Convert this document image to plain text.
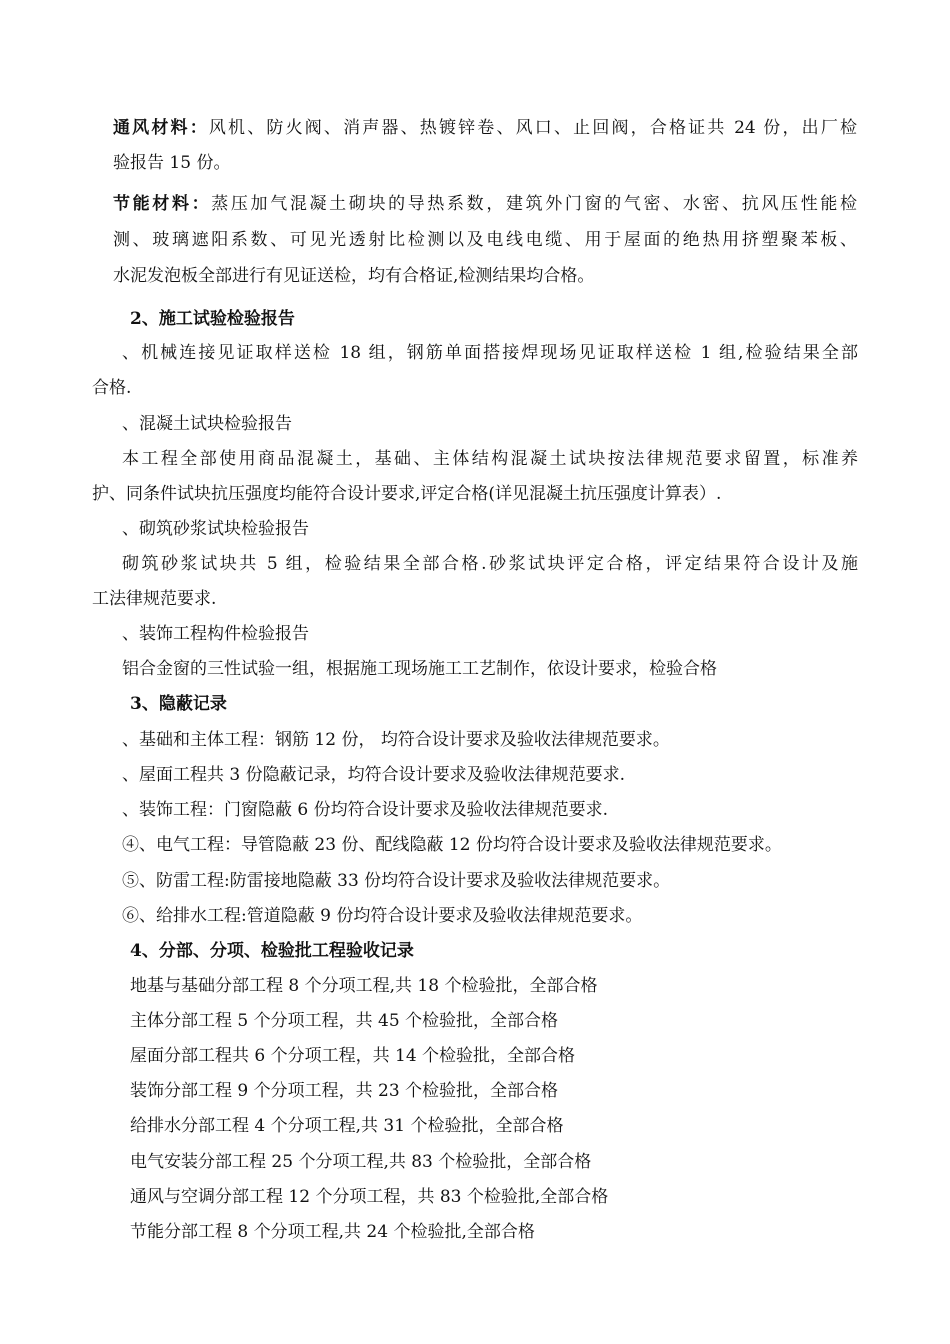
通风材料：风机、防火阀、消声器、热镀锌卷、风口、止回阀，合格证共 24 份，出厂检
验报告 15 份。
节能材料：蒸压加气混凝土砌块的导热系数，建筑外门窗的气密、水密、抗风压性能检
测、玻璃遮阳系数、可见光透射比检测以及电线电缆、用于屋面的绝热用挤塑聚苯板、
水泥发泡板全部进行有见证送检，均有合格证,检测结果均合格。
2、施工试验检验报告
、机械连接见证取样送检 18 组，钢筋单面搭接焊现场见证取样送检 1 组,检验结果全部
合格.
、混凝土试块检验报告
本工程全部使用商品混凝土，基础、主体结构混凝土试块按法律规范要求留置，标准养
护、同条件试块抗压强度均能符合设计要求,评定合格(详见混凝土抗压强度计算表）.
、砌筑砂浆试块检验报告
砌筑砂浆试块共 5 组，检验结果全部合格.砂浆试块评定合格，评定结果符合设计及施
工法律规范要求.
、装饰工程构件检验报告
铝合金窗的三性试验一组，根据施工现场施工工艺制作，依设计要求，检验合格
3、隐蔽记录
、基础和主体工程：钢筋 12 份， 均符合设计要求及验收法律规范要求。
、屋面工程共 3 份隐蔽记录，均符合设计要求及验收法律规范要求.
、装饰工程：门窗隐蔽 6 份均符合设计要求及验收法律规范要求.
④、电气工程：导管隐蔽 23 份、配线隐蔽 12 份均符合设计要求及验收法律规范要求。
⑤、防雷工程:防雷接地隐蔽 33 份均符合设计要求及验收法律规范要求。
⑥、给排水工程:管道隐蔽 9 份均符合设计要求及验收法律规范要求。
4、分部、分项、检验批工程验收记录
地基与基础分部工程 8 个分项工程,共 18 个检验批，全部合格
主体分部工程 5 个分项工程，共 45 个检验批，全部合格
屋面分部工程共 6 个分项工程，共 14 个检验批，全部合格
装饰分部工程 9 个分项工程，共 23 个检验批，全部合格
给排水分部工程 4 个分项工程,共 31 个检验批，全部合格
电气安装分部工程 25 个分项工程,共 83 个检验批，全部合格
通风与空调分部工程 12 个分项工程，共 83 个检验批,全部合格
节能分部工程 8 个分项工程,共 24 个检验批,全部合格
